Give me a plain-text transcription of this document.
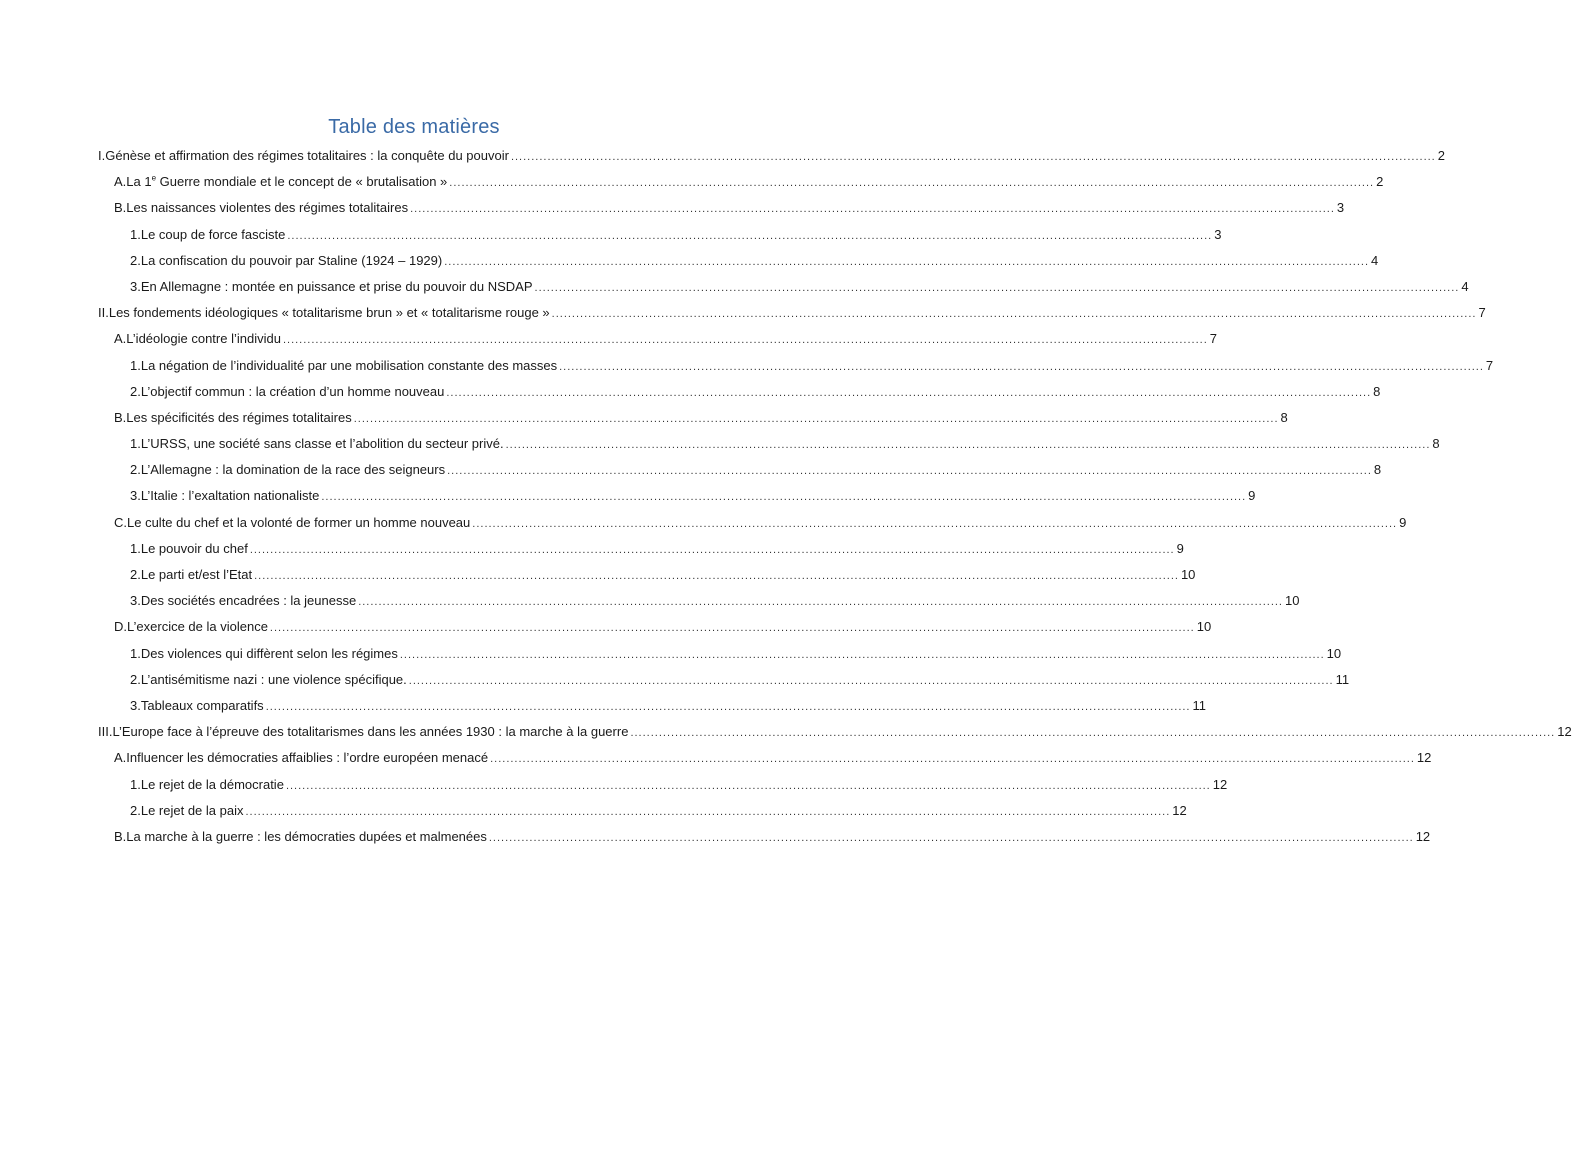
Table des matières
I.Génèse et affirmation des régimes totalitaires : la conquête du pouvoir .....	2
A.La 1e Guerre mondiale et le concept de « brutalisation » .....	2
B.Les naissances violentes des régimes totalitaires .....	3
1.Le coup de force fasciste .....	3
2.La confiscation du pouvoir par Staline (1924 – 1929) .....	4
3.En Allemagne : montée en puissance et prise du pouvoir du NSDAP .....	4
II.Les fondements idéologiques « totalitarisme brun » et « totalitarisme rouge » .....	7
A.L’idéologie contre l’individu .....	7
1.La négation de l’individualité par une mobilisation constante des masses .....	7
2.L’objectif commun : la création d’un homme nouveau .....	8
B.Les spécificités des régimes totalitaires .....	8
1.L’URSS, une société sans classe et l’abolition du secteur privé. .....	8
2.L’Allemagne : la domination de la race des seigneurs .....	8
3.L’Italie : l’exaltation nationaliste .....	9
C.Le culte du chef et la volonté de former un homme nouveau .....	9
1.Le pouvoir du chef .....	9
2.Le parti et/est l’Etat .....	10
3.Des sociétés encadrées : la jeunesse .....	10
D.L’exercice de la violence .....	10
1.Des violences qui diffèrent selon les régimes .....	10
2.L’antisémitisme nazi : une violence spécifique. .....	11
3.Tableaux comparatifs .....	11
III.L’Europe face à l’épreuve des totalitarismes dans les années 1930 : la marche à la guerre .....	12
A.Influencer les démocraties affaiblies : l’ordre européen menacé .....	12
1.Le rejet de la démocratie .....	12
2.Le rejet de la paix .....	12
B.La marche à la guerre : les démocraties dupées et malmenées .....	12
